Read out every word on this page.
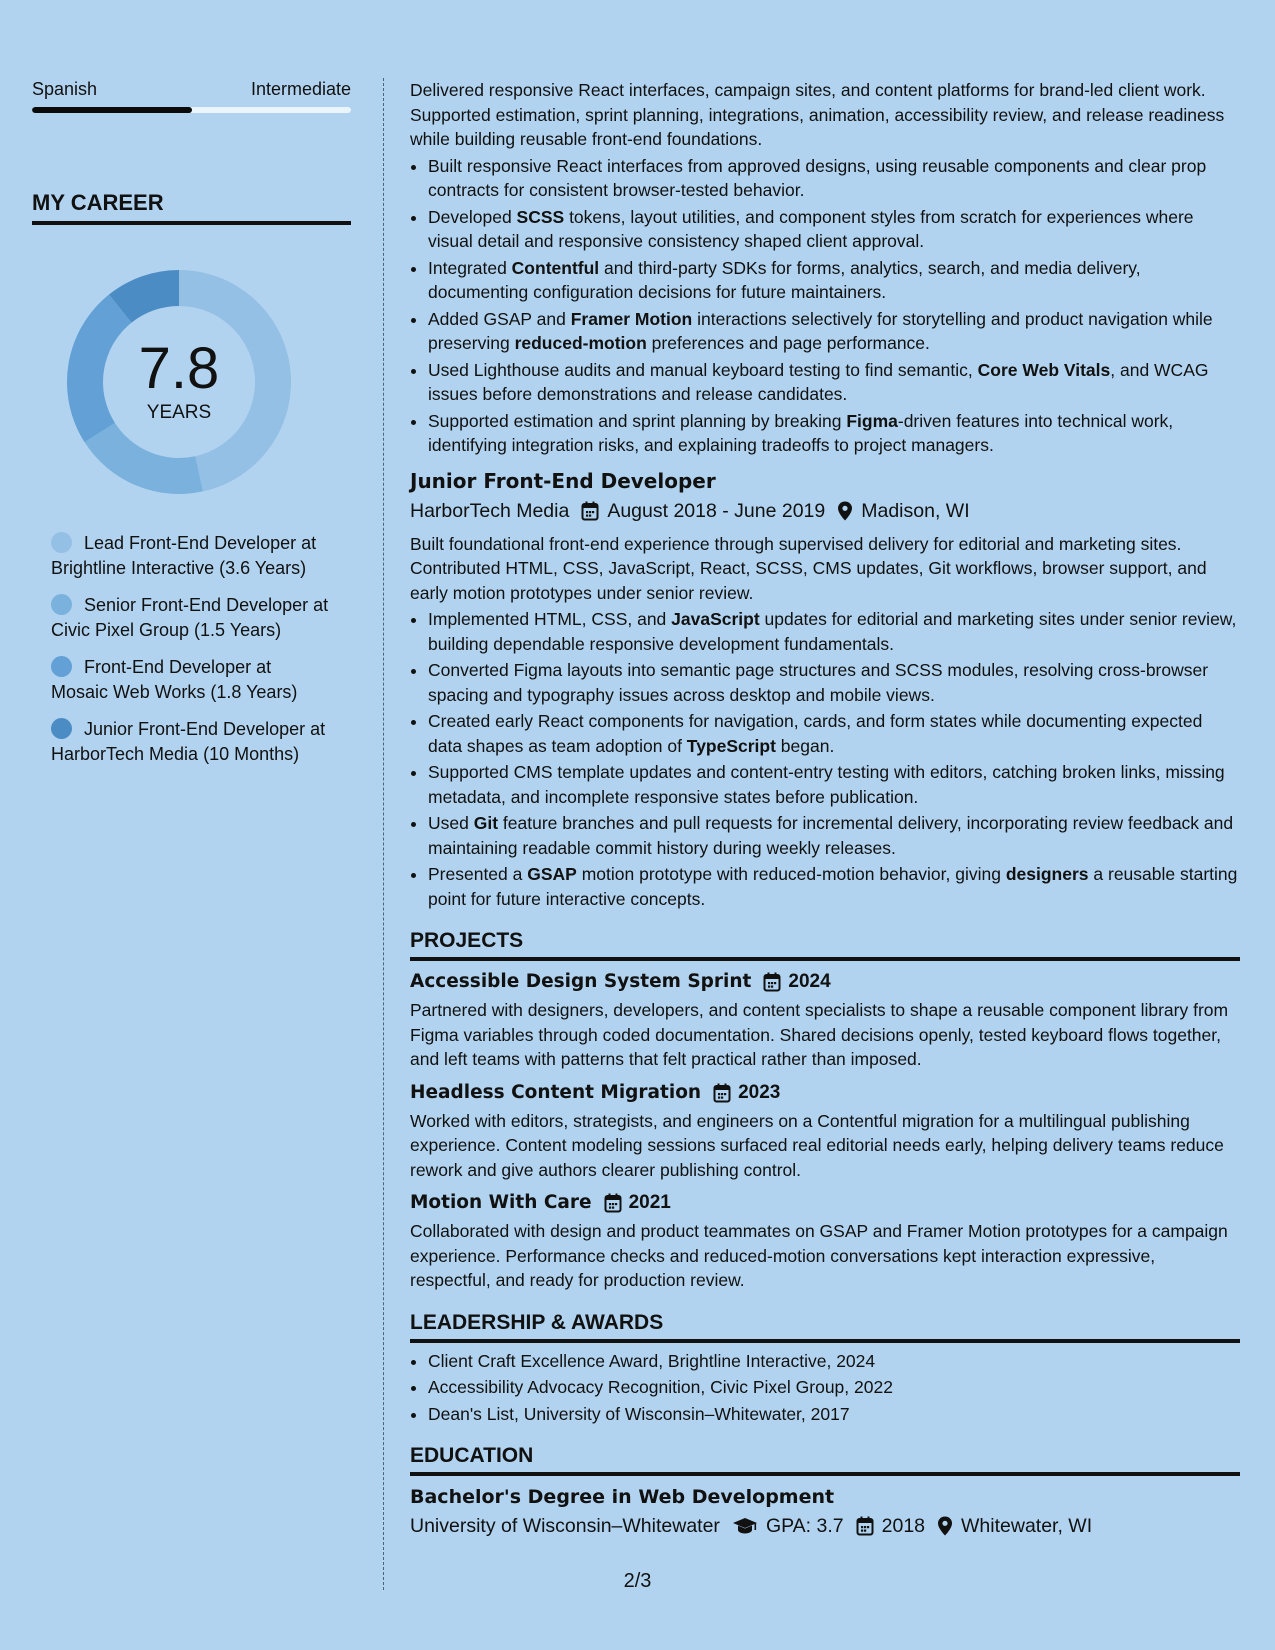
Spanish	Intermediate
MY CAREER
7.8
YEARS
Lead Front-End Developer at Brightline Interactive (3.6 Years)
Senior Front-End Developer at Civic Pixel Group (1.5 Years)
Front-End Developer at Mosaic Web Works (1.8 Years)
Junior Front-End Developer at HarborTech Media (10 Months)

Delivered responsive React interfaces, campaign sites, and content platforms for brand-led client work. Supported estimation, sprint planning, integrations, animation, accessibility review, and release readiness while building reusable front-end foundations.

• Built responsive React interfaces from approved designs, using reusable components and clear prop contracts for consistent browser-tested behavior.
• Developed SCSS tokens, layout utilities, and component styles from scratch for experiences where visual detail and responsive consistency shaped client approval.
• Integrated Contentful and third-party SDKs for forms, analytics, search, and media delivery, documenting configuration decisions for future maintainers.
• Added GSAP and Framer Motion interactions selectively for storytelling and product navigation while preserving reduced-motion preferences and page performance.
• Used Lighthouse audits and manual keyboard testing to find semantic, Core Web Vitals, and WCAG issues before demonstrations and release candidates.
• Supported estimation and sprint planning by breaking Figma-driven features into technical work, identifying integration risks, and explaining tradeoffs to project managers.
Junior Front-End Developer
HarborTech Media August 2018 - June 2019 Madison, WI

Built foundational front-end experience through supervised delivery for editorial and marketing sites. Contributed HTML, CSS, JavaScript, React, SCSS, CMS updates, Git workflows, browser support, and early motion prototypes under senior review.

• Implemented HTML, CSS, and JavaScript updates for editorial and marketing sites under senior review, building dependable responsive development fundamentals.
• Converted Figma layouts into semantic page structures and SCSS modules, resolving cross-browser spacing and typography issues across desktop and mobile views.
• Created early React components for navigation, cards, and form states while documenting expected data shapes as team adoption of TypeScript began.
• Supported CMS template updates and content-entry testing with editors, catching broken links, missing metadata, and incomplete responsive states before publication.
• Used Git feature branches and pull requests for incremental delivery, incorporating review feedback and maintaining readable commit history during weekly releases.
• Presented a GSAP motion prototype with reduced-motion behavior, giving designers a reusable starting point for future interactive concepts.
PROJECTS
Accessible Design System Sprint 2024

Partnered with designers, developers, and content specialists to shape a reusable component library from Figma variables through coded documentation. Shared decisions openly, tested keyboard flows together, and left teams with patterns that felt practical rather than imposed.

Headless Content Migration 2023

Worked with editors, strategists, and engineers on a Contentful migration for a multilingual publishing experience. Content modeling sessions surfaced real editorial needs early, helping delivery teams reduce rework and give authors clearer publishing control.

Motion With Care 2021

Collaborated with design and product teammates on GSAP and Framer Motion prototypes for a campaign experience. Performance checks and reduced-motion conversations kept interaction expressive, respectful, and ready for production review.

LEADERSHIP & AWARDS
• Client Craft Excellence Award, Brightline Interactive, 2024
• Accessibility Advocacy Recognition, Civic Pixel Group, 2022
• Dean's List, University of Wisconsin–Whitewater, 2017
EDUCATION
Bachelor's Degree in Web Development
University of Wisconsin–Whitewater GPA: 3.7 2018 Whitewater, WI
2/3
